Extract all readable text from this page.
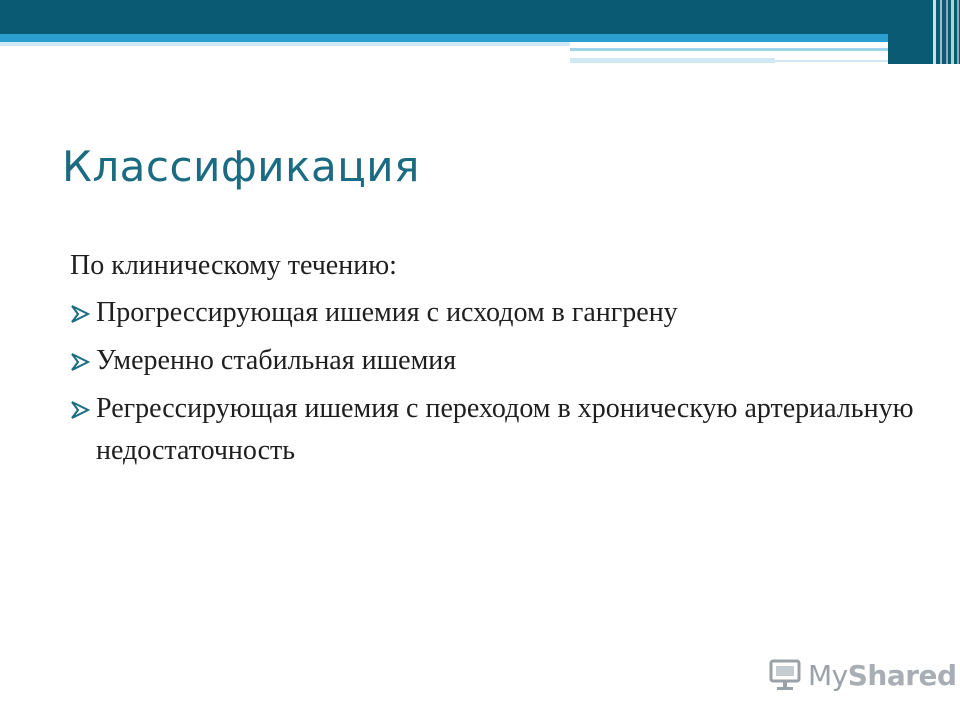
Классификация

По клиническому течению:

Прогрессирующая ишемия с исходом в гангрену
Умеренно стабильная ишемия
Регрессирующая ишемия с переходом в хроническую артериальную недостаточность
MyShared
